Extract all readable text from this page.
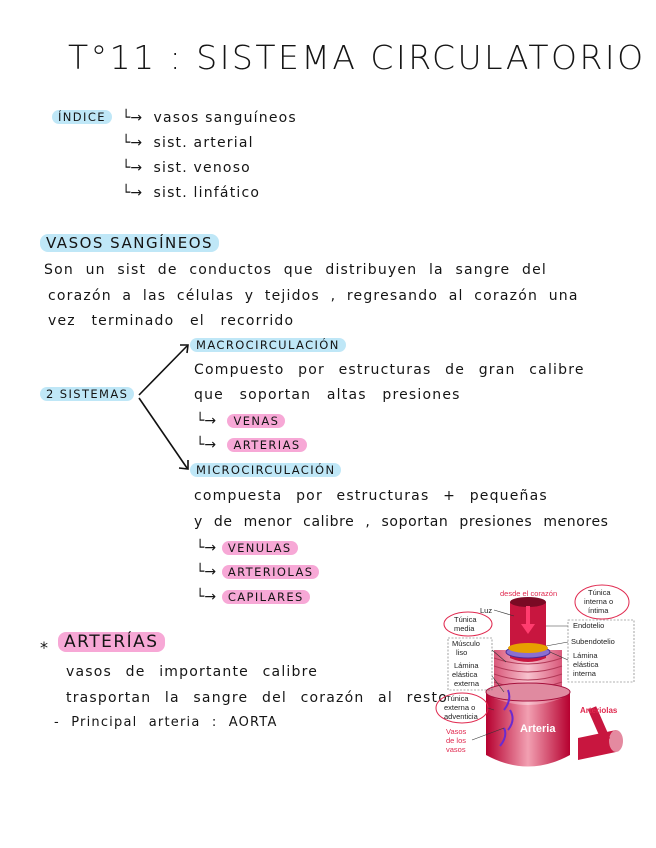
T°11 : SISTEMA CIRCULATORIO
ÍNDICE	└→ vasos sanguíneos
└→ sist. arterial
└→ sist. venoso
└→ sist. linfático
VASOS SANGÍNEOS
Son un sist de conductos que distribuyen la sangre del
corazón a las células y tejidos , regresando al corazón una
vez terminado el recorrido
2 SISTEMAS
MACROCIRCULACIÓN
Compuesto por estructuras de gran calibre
que soportan altas presiones
└→ VENAS
└→ ARTERIAS
MICROCIRCULACIÓN
compuesta por estructuras + pequeñas
y de menor calibre , soportan presiones menores
└→ VENULAS
└→ ARTERIOLAS
└→ CAPILARES
* ARTERÍAS
vasos de importante calibre
trasportan la sangre del corazón al resto
- Principal arteria : AORTA
desde el corazón
Luz
Túnica
media
Músculo
liso
Lámina
elástica
externa
Túnica
externa o
adventicia
Vasos
de los
vasos
Túnica
interna o
íntima
Endotelio
Subendotelio
Lámina
elástica
interna
Arteriolas
Arteria
